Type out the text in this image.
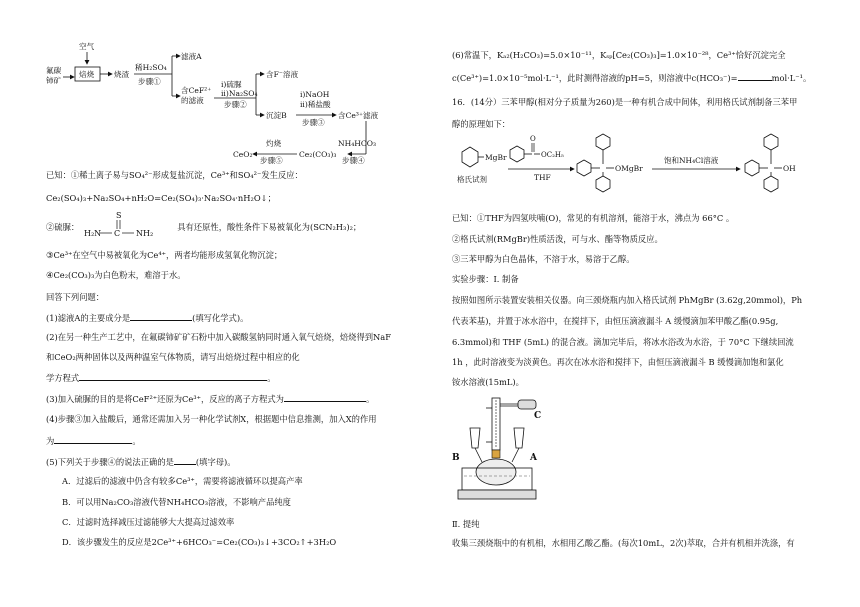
空气
氟碳
铈矿
焙烧	烧渣
稀H₂SO₄
步骤①
滤液A
含CeF²⁺
的滤液
i)硫脲
ii)Na₂SO₄
步骤②
含F⁻溶液
沉淀B
i)NaOH
ii)稀盐酸
步骤③
含Ce³⁺滤液
NH₄HCO₃
步骤④
Ce₂(CO₃)₃
灼烧
步骤⑤
CeO₂
已知：①稀土离子易与SO₄²⁻形成复盐沉淀，Ce³⁺和SO₄²⁻发生反应：
Ce₂(SO₄)₃+Na₂SO₄+nH₂O=Ce₂(SO₄)₃·Na₂SO₄·nH₂O↓；
②硫脲：	具有还原性，酸性条件下易被氧化为(SCN₂H₃)₂；
S
H₂N C NH₂
③Ce³⁺在空气中易被氧化为Ce⁴⁺，两者均能形成氢氧化物沉淀；
④Ce₂(CO₃)₃为白色粉末，难溶于水。
回答下列问题：
(1)滤液A的主要成分是	(填写化学式)。
(2)在另一种生产工艺中，在氟碳铈矿矿石粉中加入碳酸氢钠同时通入氧气焙烧，焙烧得到NaF
和CeO₂两种固体以及两种温室气体物质，请写出焙烧过程中相应的化
学方程式	。
(3)加入硫脲的目的是将CeF²⁺还原为Ce³⁺，反应的离子方程式为	。
(4)步骤③加入盐酸后，通常还需加入另一种化学试剂X，根据题中信息推测，加入X的作用
为	。
(5)下列关于步骤④的说法正确的是	(填字母)。
A．过滤后的滤液中仍含有较多Ce³⁺，需要将滤液循环以提高产率
B．可以用Na₂CO₃溶液代替NH₄HCO₃溶液，不影响产品纯度
C．过滤时选择减压过滤能够大大提高过滤效率
D．该步骤发生的反应是2Ce³⁺+6HCO₃⁻=Ce₂(CO₃)₃↓+3CO₂↑+3H₂O
(6)常温下，Kₐ₂(H₂CO₃)=5.0×10⁻¹¹，Kₛₚ[Ce₂(CO₃)₃]=1.0×10⁻²⁸，Ce³⁺恰好沉淀完全
c(Ce³⁺)=1.0×10⁻⁵mol·L⁻¹，此时测得溶液的pH=5，则溶液中c(HCO₃⁻)=	mol·L⁻¹。
16．(14分）三苯甲醇(相对分子质量为260)是一种有机合成中间体，利用格氏试剂制备三苯甲
醇的原理如下：
MgBr
格氏试剂
O
OC₂H₅
THF
OMgBr
饱和NH₄Cl溶液
OH
已知：①THF为四氢呋喃(O)，常见的有机溶剂，能溶于水，沸点为 66°C 。
②格氏试剂(RMgBr)性质活泼，可与水、酯等物质反应。
③三苯甲醇为白色晶体，不溶于水，易溶于乙醇。
实验步骤：Ⅰ. 制备
按照如图所示装置安装相关仪器。向三颈烧瓶内加入格氏试剂 PhMgBr (3.62g,20mmol)，Ph
代表苯基)，并置于冰水浴中，在搅拌下，由恒压滴液漏斗 A 缓慢滴加苯甲酸乙酯(0.95g,
6.3mmol)和 THF (5mL) 的混合液。滴加完毕后，将冰水浴改为水浴，于 70°C 下继续回流
1h ，此时溶液变为淡黄色。再次在冰水浴和搅拌下，由恒压滴液漏斗 B 缓慢滴加饱和氯化
铵水溶液(15mL)。
C
B	A
Ⅱ. 提纯
收集三颈烧瓶中的有机相，水相用乙酸乙酯。(每次10mL，2次)萃取，合并有机相并洗涤，有
